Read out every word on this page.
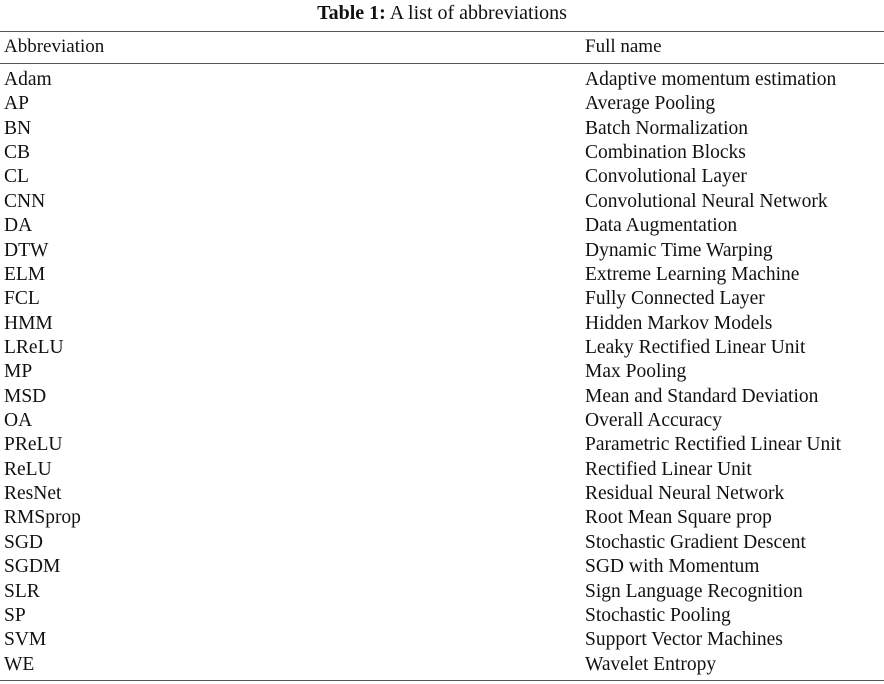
Table 1: A list of abbreviations
Abbreviation	Full name
Adam	Adaptive momentum estimation
AP	Average Pooling
BN	Batch Normalization
CB	Combination Blocks
CL	Convolutional Layer
CNN	Convolutional Neural Network
DA	Data Augmentation
DTW	Dynamic Time Warping
ELM	Extreme Learning Machine
FCL	Fully Connected Layer
HMM	Hidden Markov Models
LReLU	Leaky Rectified Linear Unit
MP	Max Pooling
MSD	Mean and Standard Deviation
OA	Overall Accuracy
PReLU	Parametric Rectified Linear Unit
ReLU	Rectified Linear Unit
ResNet	Residual Neural Network
RMSprop	Root Mean Square prop
SGD	Stochastic Gradient Descent
SGDM	SGD with Momentum
SLR	Sign Language Recognition
SP	Stochastic Pooling
SVM	Support Vector Machines
WE	Wavelet Entropy
